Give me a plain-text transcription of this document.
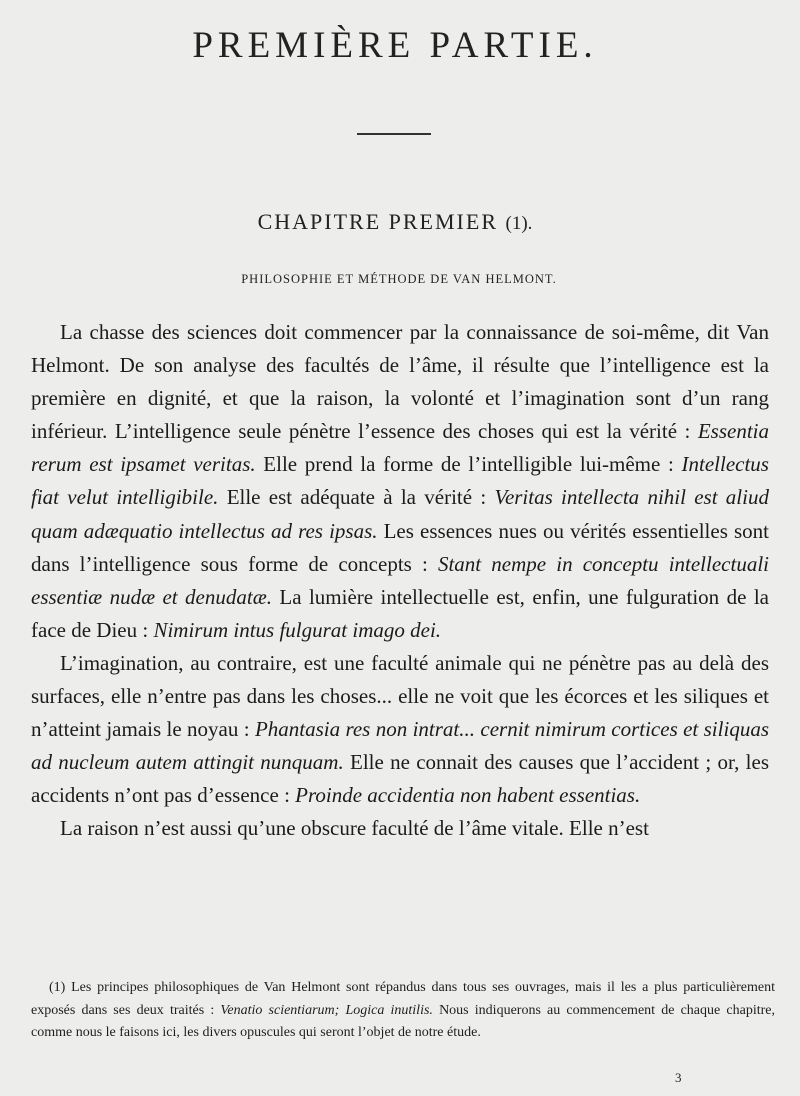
PREMIÈRE PARTIE.
CHAPITRE PREMIER (1).
PHILOSOPHIE ET MÉTHODE DE VAN HELMONT.

La chasse des sciences doit commencer par la connaissance de soi-même, dit Van Helmont. De son analyse des facultés de l’âme, il résulte que l’intelligence est la première en dignité, et que la raison, la volonté et l’imagination sont d’un rang inférieur. L’intelligence seule pénètre l’essence des choses qui est la vérité : Essentia rerum est ipsamet veritas. Elle prend la forme de l’intelligible lui-même : Intellectus fiat velut intelligibile. Elle est adéquate à la vérité : Veritas intellecta nihil est aliud quam adæquatio intellectus ad res ipsas. Les essences nues ou vérités essentielles sont dans l’intelligence sous forme de concepts : Stant nempe in conceptu intellectuali essentiæ nudæ et denudatæ. La lumière intellectuelle est, enfin, une fulguration de la face de Dieu : Nimirum intus fulgurat imago dei.

L’imagination, au contraire, est une faculté animale qui ne pénètre pas au delà des surfaces, elle n’entre pas dans les choses... elle ne voit que les écorces et les siliques et n’atteint jamais le noyau : Phantasia res non intrat... cernit nimirum cortices et siliquas ad nucleum autem attingit nunquam. Elle ne connait des causes que l’accident ; or, les accidents n’ont pas d’essence : Proinde accidentia non habent essentias.

La raison n’est aussi qu’une obscure faculté de l’âme vitale. Elle n’est

(1) Les principes philosophiques de Van Helmont sont répandus dans tous ses ouvrages, mais il les a plus particulièrement exposés dans ses deux traités : Venatio scientiarum; Logica inutilis. Nous indiquerons au commencement de chaque chapitre, comme nous le faisons ici, les divers opuscules qui seront l’objet de notre étude.

3
